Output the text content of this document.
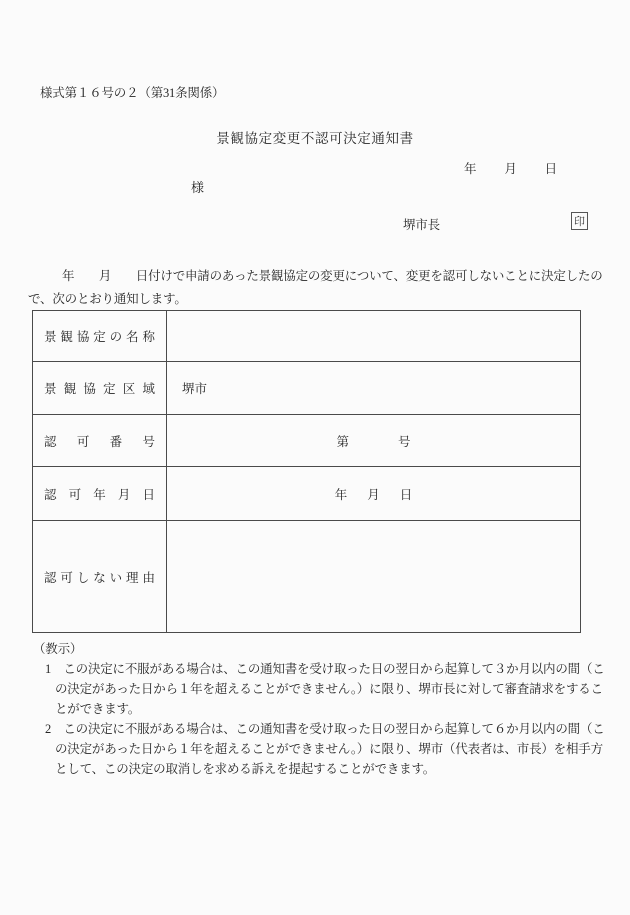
様式第１６号の２（第31条関係）
景観協定変更不認可決定通知書
年 月 日
様
堺市長	印
年　　月　　日付けで申請のあった景観協定の変更について、変更を認可しないことに決定したの
で、次のとおり通知します。
景 観 協 定 の 名 称
景 観 協 定 区 域	堺市
認 可 番 号	第	号
認 可 年 月 日	年 月 日
認 可 し な い 理 由
（教示）
1　この決定に不服がある場合は、この通知書を受け取った日の翌日から起算して３か月以内の間（こ
の決定があった日から１年を超えることができません。）に限り、堺市長に対して審査請求をするこ
とができます。
2　この決定に不服がある場合は、この通知書を受け取った日の翌日から起算して６か月以内の間（こ
の決定があった日から１年を超えることができません。）に限り、堺市（代表者は、市長）を相手方
として、この決定の取消しを求める訴えを提起することができます。
